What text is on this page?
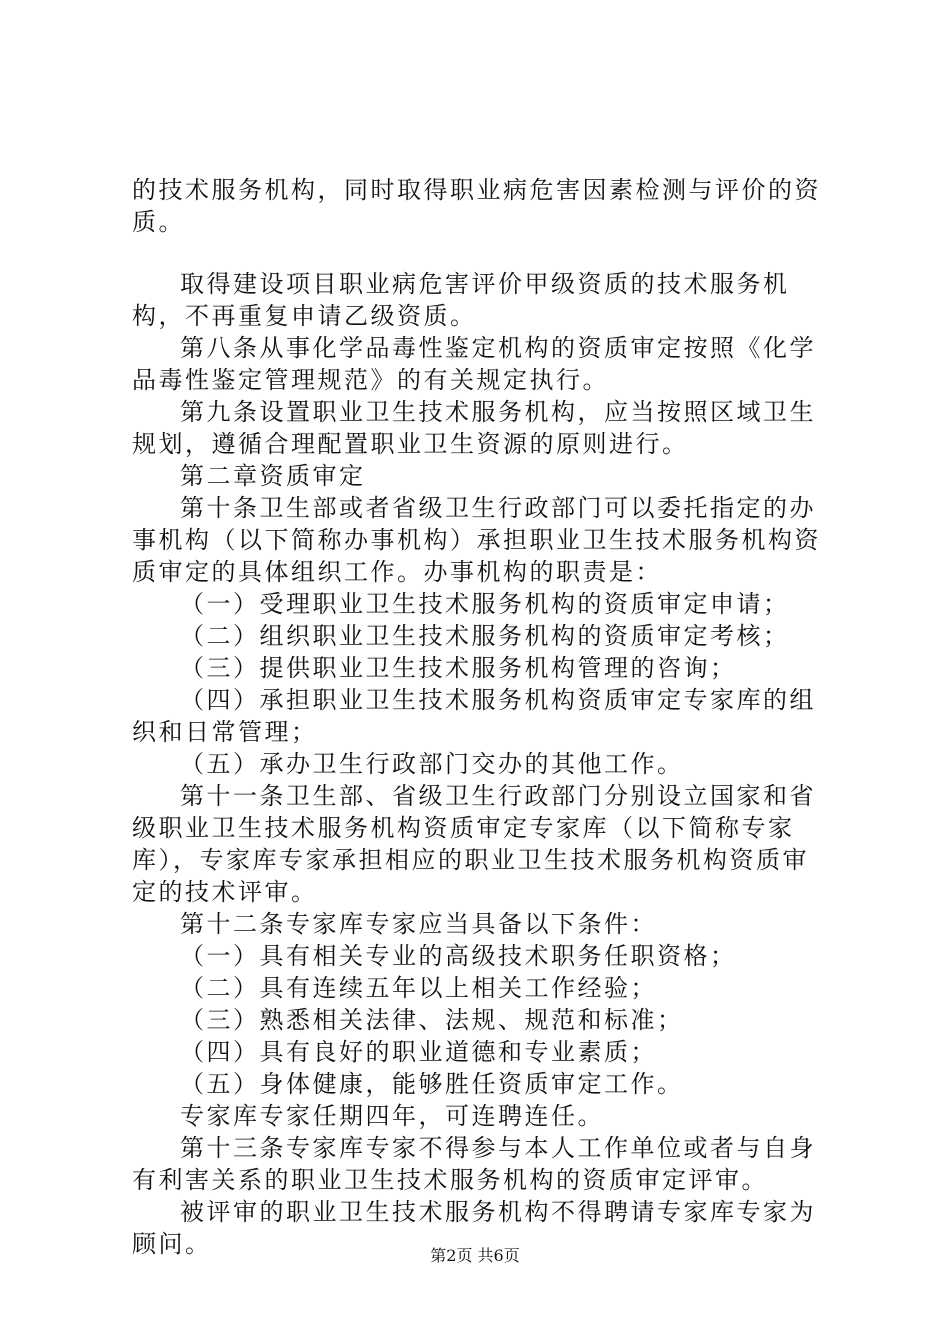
的技术服务机构，同时取得职业病危害因素检测与评价的资质。

取得建设项目职业病危害评价甲级资质的技术服务机构，不再重复申请乙级资质。

第八条从事化学品毒性鉴定机构的资质审定按照《化学品毒性鉴定管理规范》的有关规定执行。

第九条设置职业卫生技术服务机构，应当按照区域卫生规划，遵循合理配置职业卫生资源的原则进行。

第二章资质审定

第十条卫生部或者省级卫生行政部门可以委托指定的办事机构（以下简称办事机构）承担职业卫生技术服务机构资质审定的具体组织工作。办事机构的职责是：

（一）受理职业卫生技术服务机构的资质审定申请；

（二）组织职业卫生技术服务机构的资质审定考核；

（三）提供职业卫生技术服务机构管理的咨询；

（四）承担职业卫生技术服务机构资质审定专家库的组织和日常管理；

（五）承办卫生行政部门交办的其他工作。

第十一条卫生部、省级卫生行政部门分别设立国家和省级职业卫生技术服务机构资质审定专家库（以下简称专家库），专家库专家承担相应的职业卫生技术服务机构资质审定的技术评审。

第十二条专家库专家应当具备以下条件：

（一）具有相关专业的高级技术职务任职资格；

（二）具有连续五年以上相关工作经验；

（三）熟悉相关法律、法规、规范和标准；

（四）具有良好的职业道德和专业素质；

（五）身体健康，能够胜任资质审定工作。

专家库专家任期四年，可连聘连任。

第十三条专家库专家不得参与本人工作单位或者与自身有利害关系的职业卫生技术服务机构的资质审定评审。

被评审的职业卫生技术服务机构不得聘请专家库专家为顾问。	第2页 共6页
